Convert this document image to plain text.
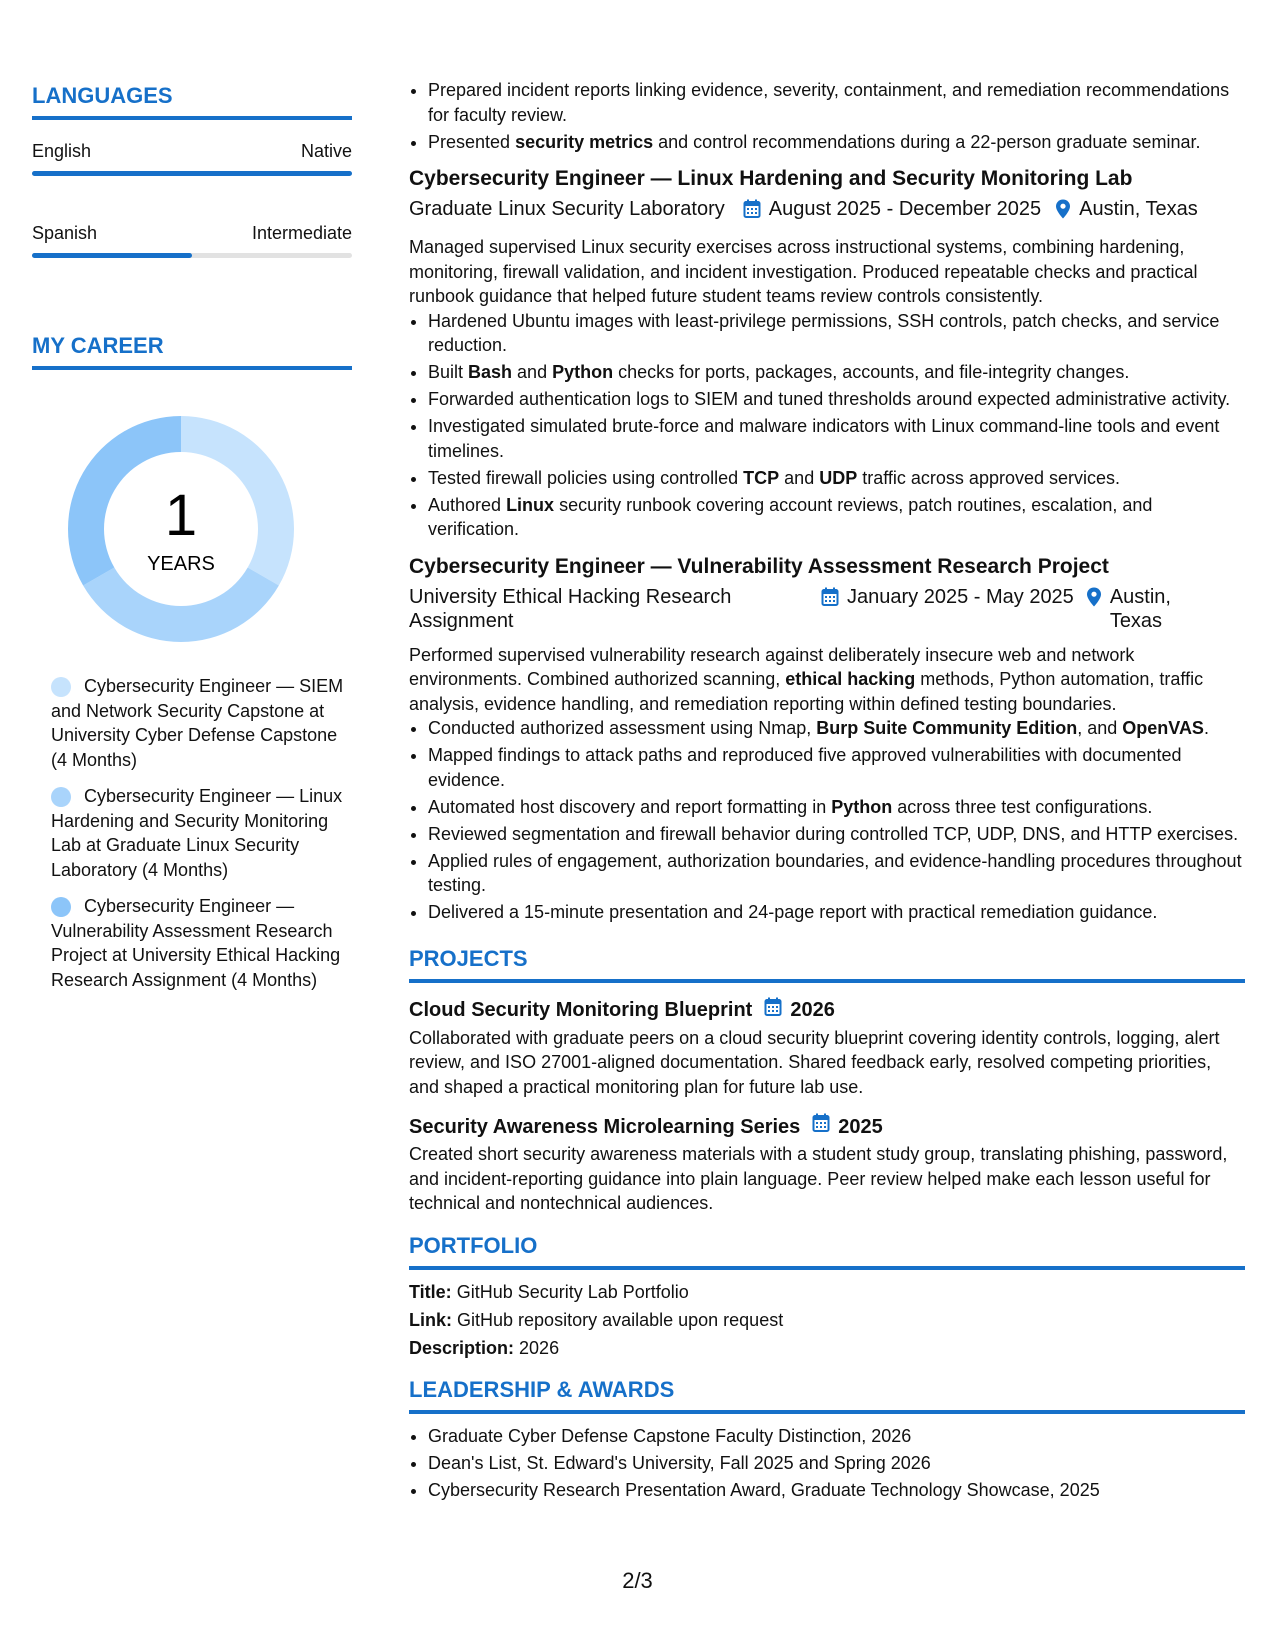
LANGUAGES
English	Native
Spanish	Intermediate
MY CAREER
1
YEARS
Cybersecurity Engineer — SIEM and Network Security Capstone at University Cyber Defense Capstone (4 Months)
Cybersecurity Engineer — Linux Hardening and Security Monitoring Lab at Graduate Linux Security Laboratory (4 Months)
Cybersecurity Engineer — Vulnerability Assessment Research Project at University Ethical Hacking Research Assignment (4 Months)
• Prepared incident reports linking evidence, severity, containment, and remediation recommendations for faculty review.
• Presented security metrics and control recommendations during a 22-person graduate seminar.
Cybersecurity Engineer — Linux Hardening and Security Monitoring Lab
Graduate Linux Security Laboratory August 2025 - December 2025 Austin, Texas
Managed supervised Linux security exercises across instructional systems, combining hardening, monitoring, firewall validation, and incident investigation. Produced repeatable checks and practical runbook guidance that helped future student teams review controls consistently.
• Hardened Ubuntu images with least-privilege permissions, SSH controls, patch checks, and service reduction.
• Built Bash and Python checks for ports, packages, accounts, and file-integrity changes.
• Forwarded authentication logs to SIEM and tuned thresholds around expected administrative activity.
• Investigated simulated brute-force and malware indicators with Linux command-line tools and event timelines.
• Tested firewall policies using controlled TCP and UDP traffic across approved services.
• Authored Linux security runbook covering account reviews, patch routines, escalation, and verification.
Cybersecurity Engineer — Vulnerability Assessment Research Project
University Ethical Hacking Research Assignment
January 2025 - May 2025 Austin, Texas
Performed supervised vulnerability research against deliberately insecure web and network environments. Combined authorized scanning, ethical hacking methods, Python automation, traffic analysis, evidence handling, and remediation reporting within defined testing boundaries.
• Conducted authorized assessment using Nmap, Burp Suite Community Edition, and OpenVAS.
• Mapped findings to attack paths and reproduced five approved vulnerabilities with documented evidence.
• Automated host discovery and report formatting in Python across three test configurations.
• Reviewed segmentation and firewall behavior during controlled TCP, UDP, DNS, and HTTP exercises.
• Applied rules of engagement, authorization boundaries, and evidence-handling procedures throughout testing.
• Delivered a 15-minute presentation and 24-page report with practical remediation guidance.
PROJECTS
Cloud Security Monitoring Blueprint 2026
Collaborated with graduate peers on a cloud security blueprint covering identity controls, logging, alert review, and ISO 27001-aligned documentation. Shared feedback early, resolved competing priorities, and shaped a practical monitoring plan for future lab use.
Security Awareness Microlearning Series 2025
Created short security awareness materials with a student study group, translating phishing, password, and incident-reporting guidance into plain language. Peer review helped make each lesson useful for technical and nontechnical audiences.
PORTFOLIO
Title: GitHub Security Lab Portfolio
Link: GitHub repository available upon request
Description: 2026
LEADERSHIP & AWARDS
• Graduate Cyber Defense Capstone Faculty Distinction, 2026
• Dean's List, St. Edward's University, Fall 2025 and Spring 2026
• Cybersecurity Research Presentation Award, Graduate Technology Showcase, 2025
2/3
